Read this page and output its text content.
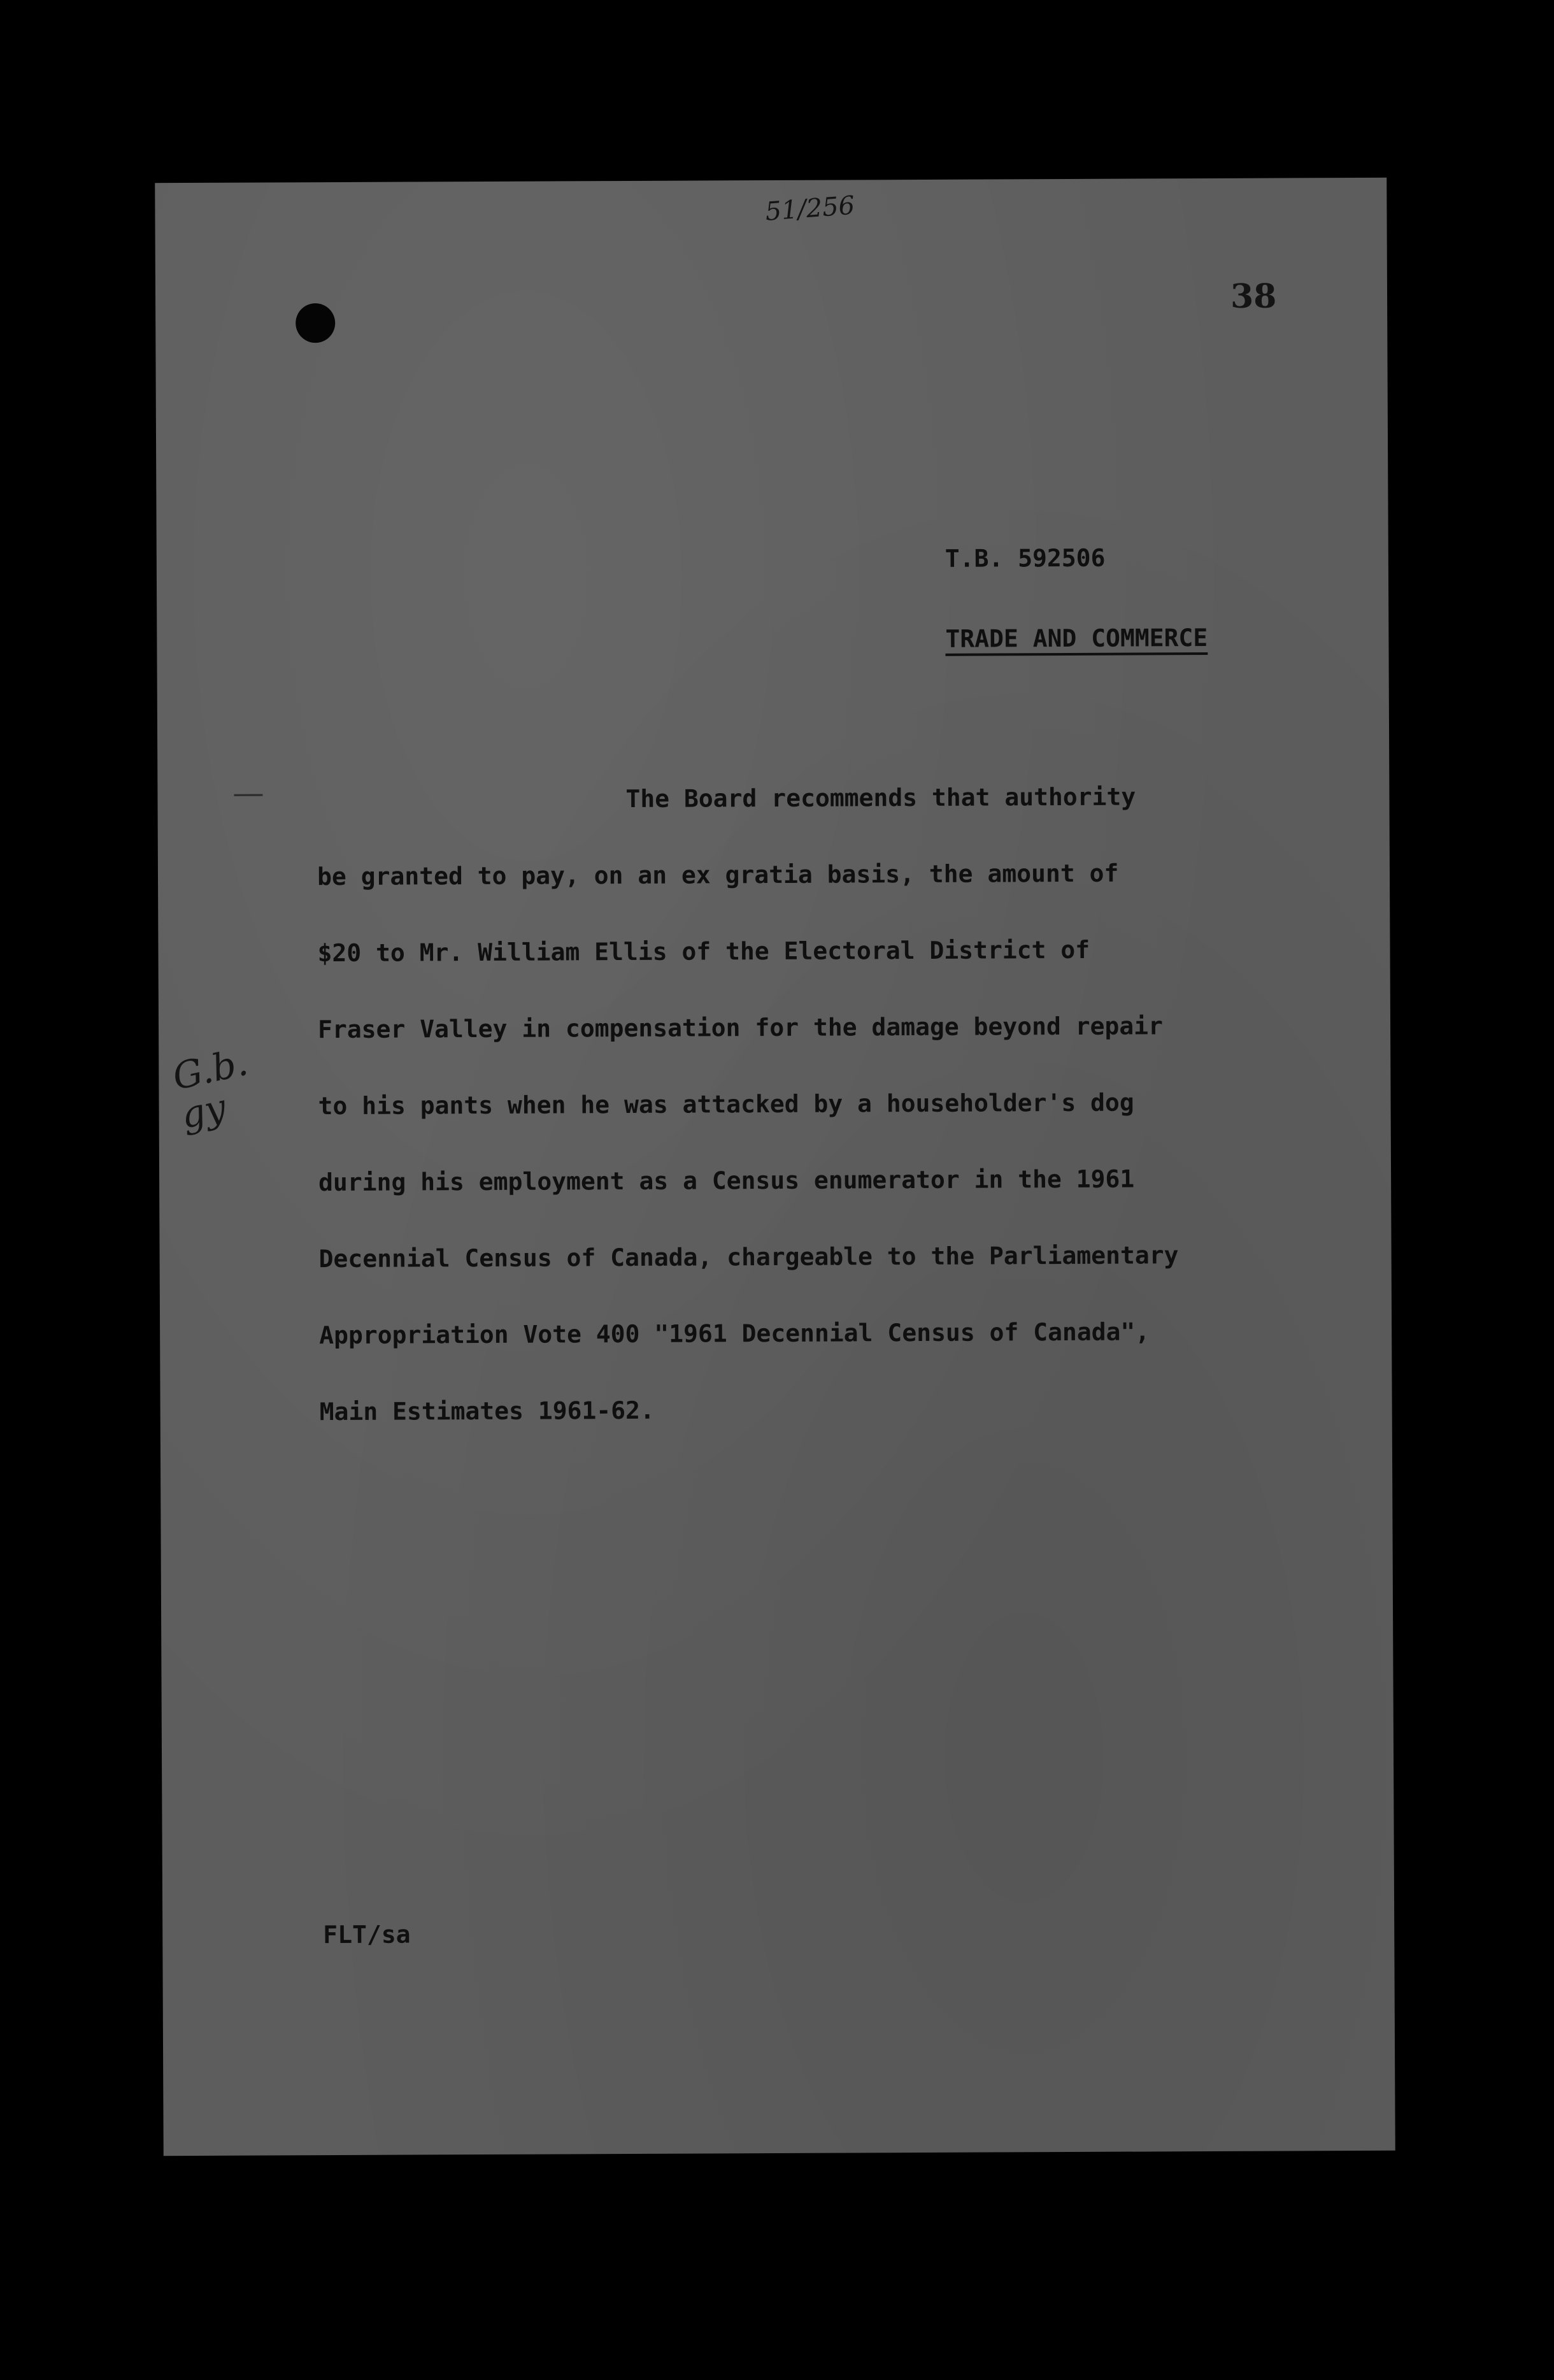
51/256
38
T.B. 592506
TRADE AND COMMERCE
The Board recommends that authority
be granted to pay, on an ex gratia basis, the amount of
$20 to Mr. William Ellis of the Electoral District of
Fraser Valley in compensation for the damage beyond repair
to his pants when he was attacked by a householder's dog
during his employment as a Census enumerator in the 1961
Decennial Census of Canada, chargeable to the Parliamentary
Appropriation Vote 400 "1961 Decennial Census of Canada",
Main Estimates 1961-62.
G.b.
gy
FLT/sa
